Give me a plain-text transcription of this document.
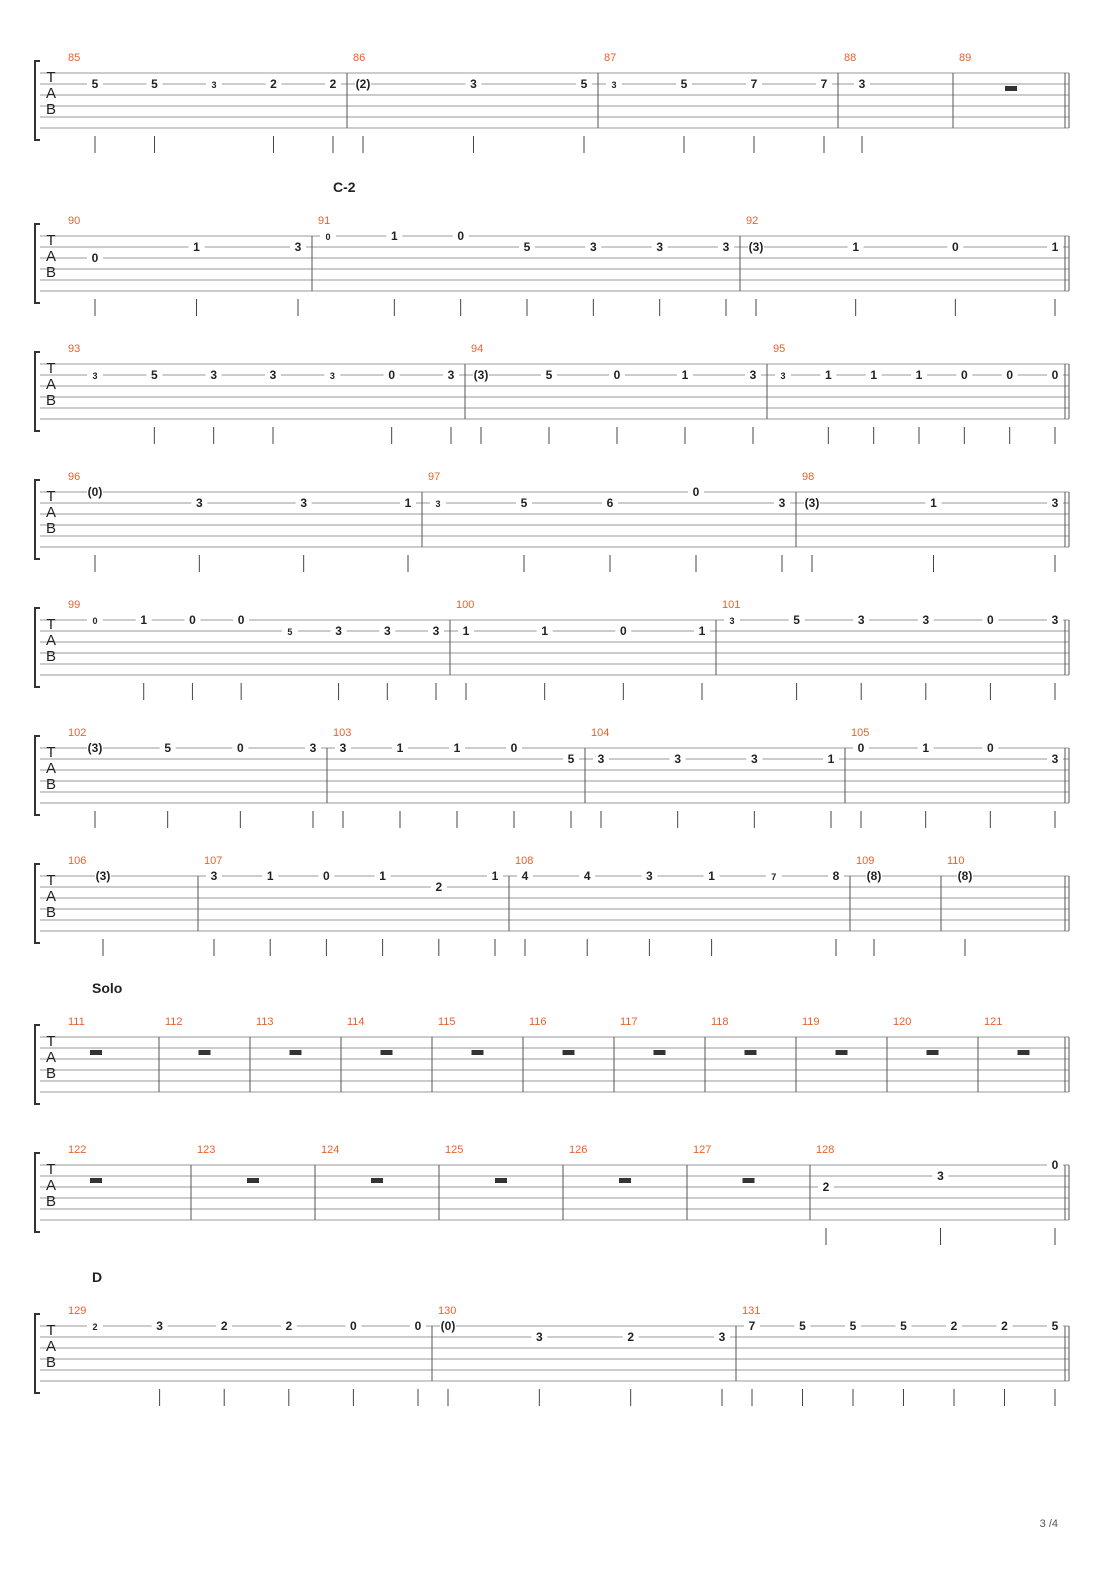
T
A
B
85
5	5	3	2	2
86
(2)	3	5
87
3	5	7	7
88
3
89
C-2
T
A
B
90
0
1	3
91
0	1	0
5	3	3	3
92
(3)	1	0	1
T
A
B
93
3	5	3	3	3	0	3
94
(3)	5	0	1	3
95
3	1	1	1	0	0	0
T
A
B
96
(0)
3	3	1
97
3	5	6
0
3
98
(3)	1	3
T
A
B
99
0	1	0	0
5	3	3	3
100
1	1	0	1
101
3	5	3	3	0	3
T
A
B
102
(3)	5	0	3
103
3	1	1	0
5
104
3	3	3	1
105
0	1	0
3
T
A
B
106
(3)
107
3	1	0	1
2
1
108
4	4	3	1	7	8
109
(8)
110
(8)
Solo
T
A
B
111	112	113	114	115	116	117	118	119	120	121
T
A
B
122	123	124	125	126	127	128
2
3
0
D
T
A
B
129
2	3	2	2	0	0
130
(0)
3	2	3
131
7	5	5	5	2	2	5
3 /4
